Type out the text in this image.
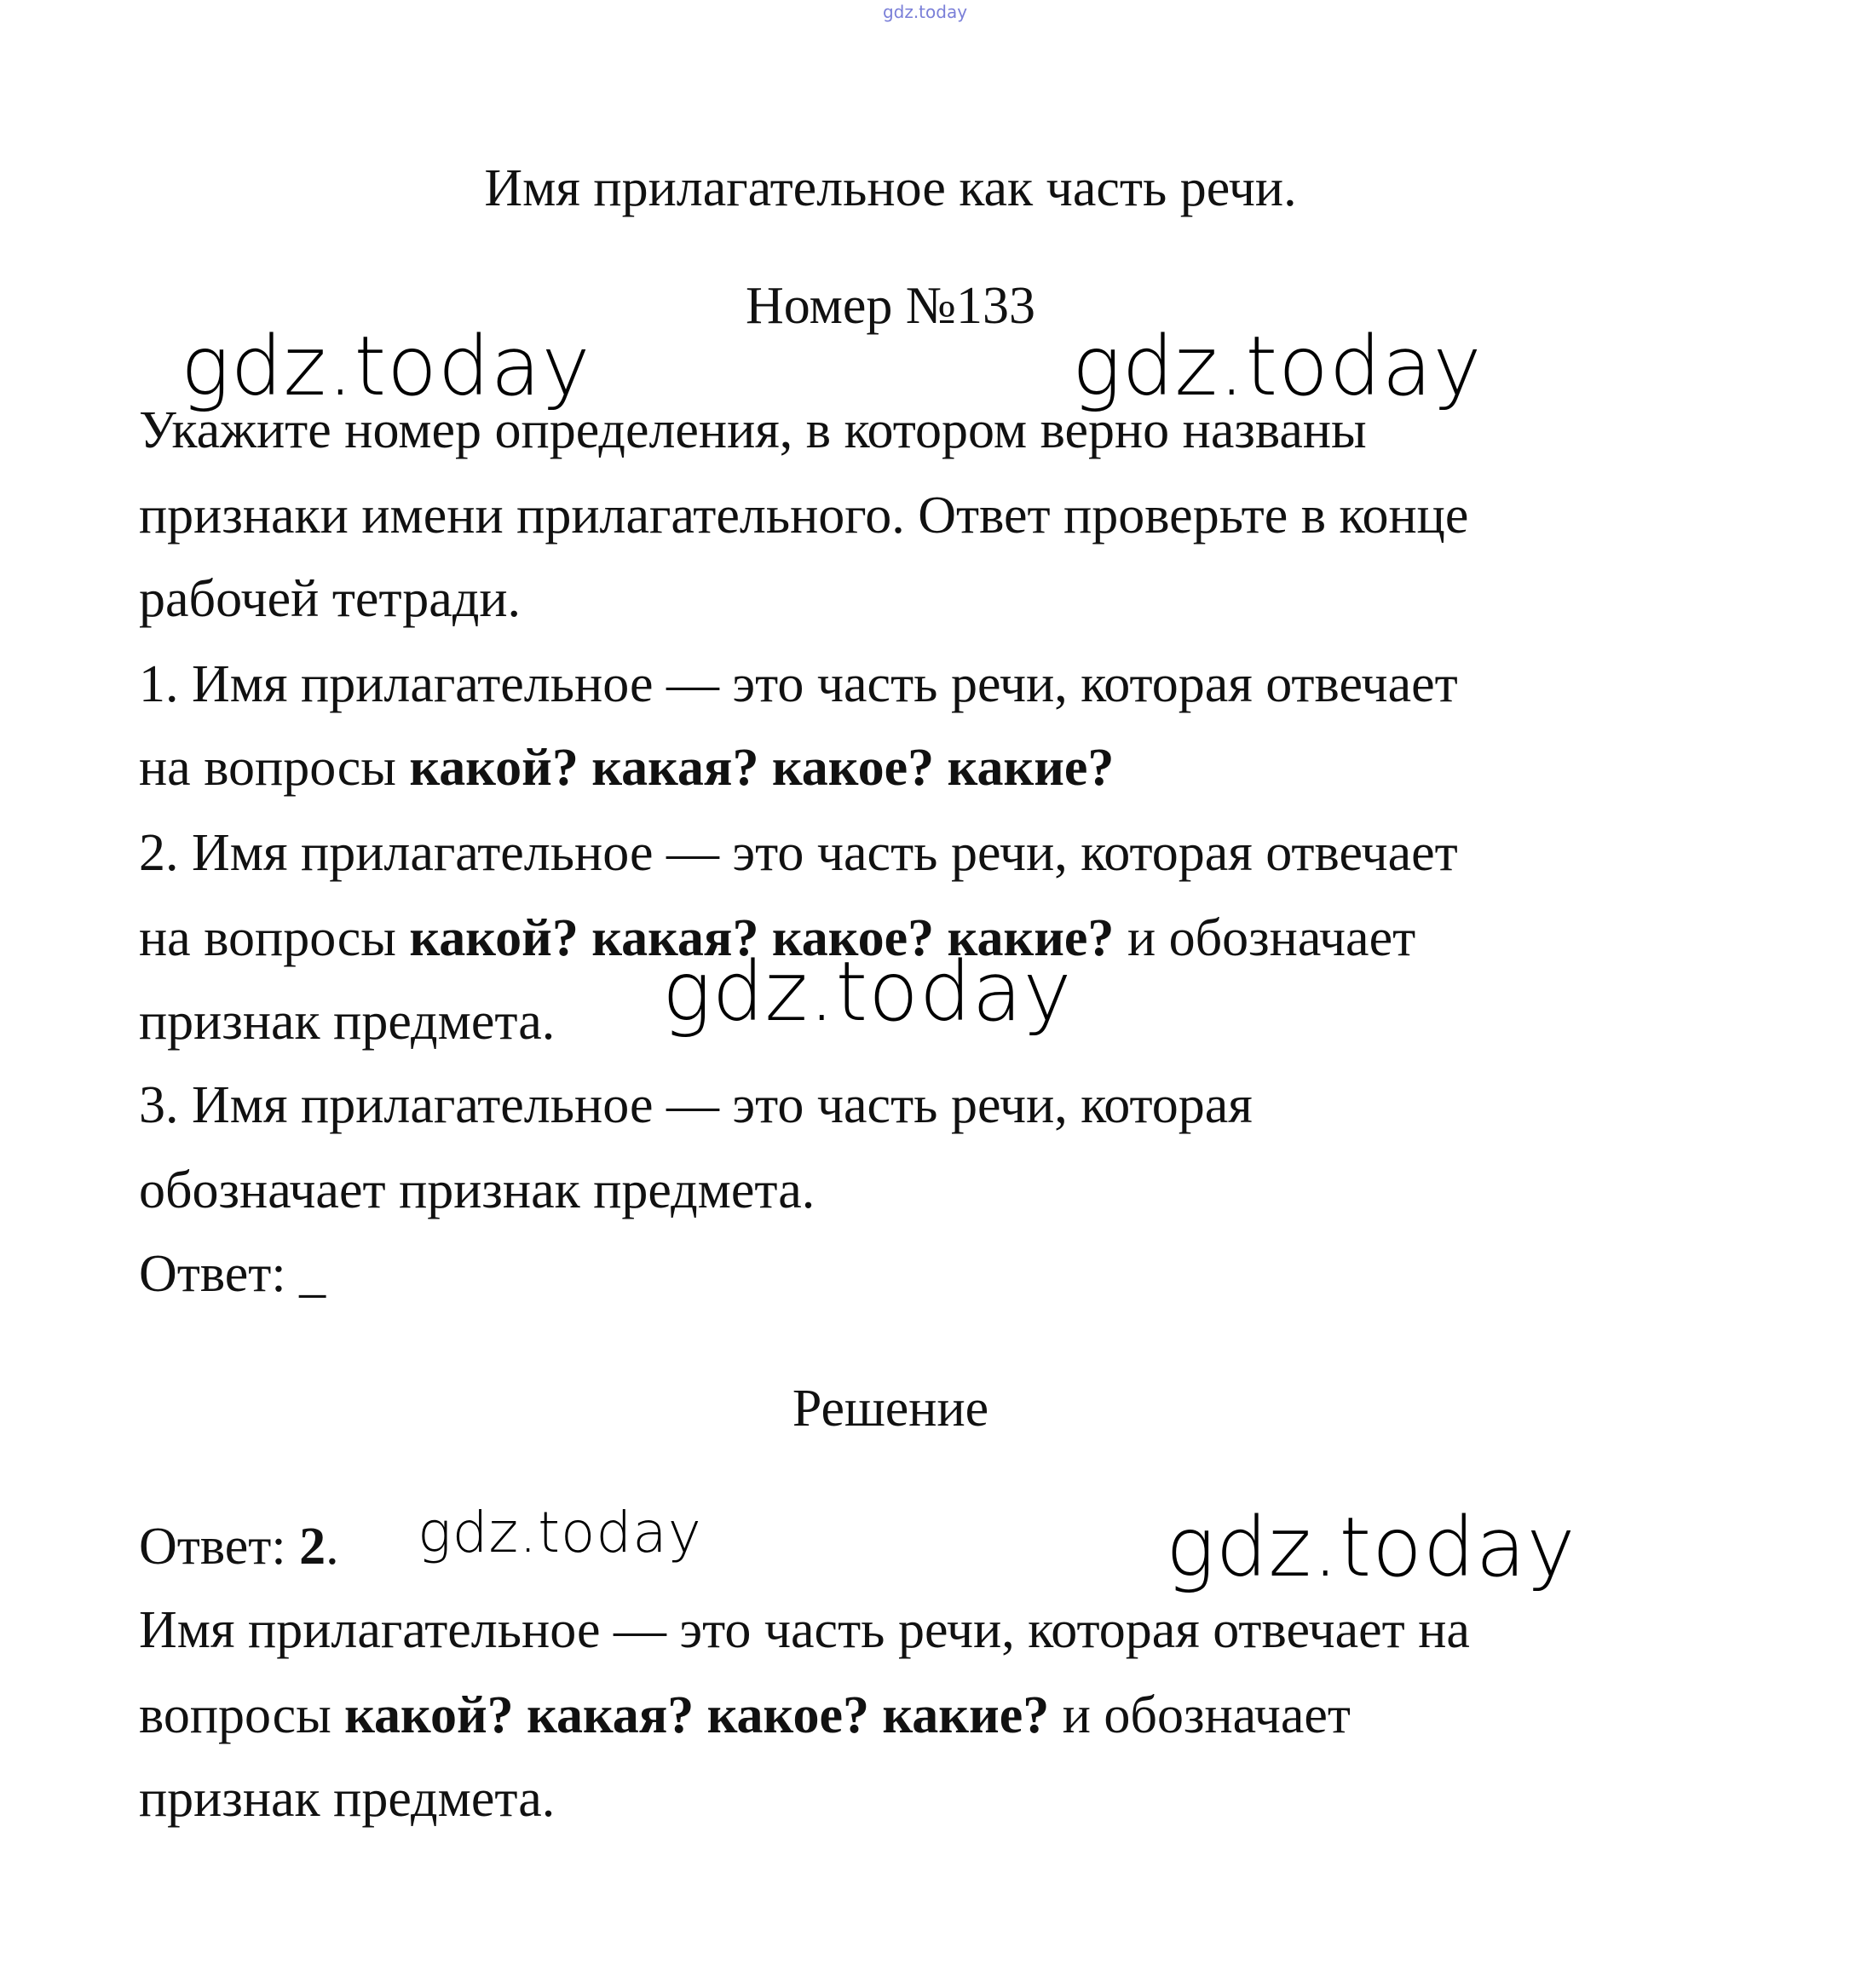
gdz.today
Имя прилагательное как часть речи.
Номер №133
Укажите номер определения, в котором верно названы
признаки имени прилагательного. Ответ проверьте в конце
рабочей тетради.
1. Имя прилагательное — это часть речи, которая отвечает
на вопросы какой? какая? какое? какие?
2. Имя прилагательное — это часть речи, которая отвечает
на вопросы какой? какая? какое? какие? и обозначает
признак предмета.
3. Имя прилагательное — это часть речи, которая
обозначает признак предмета.
Ответ: _
Решение
Ответ: 2.
Имя прилагательное — это часть речи, которая отвечает на
вопросы какой? какая? какое? какие? и обозначает
признак предмета.
gdz.today	gdz.today
gdz.today
gdz.today	gdz.today
